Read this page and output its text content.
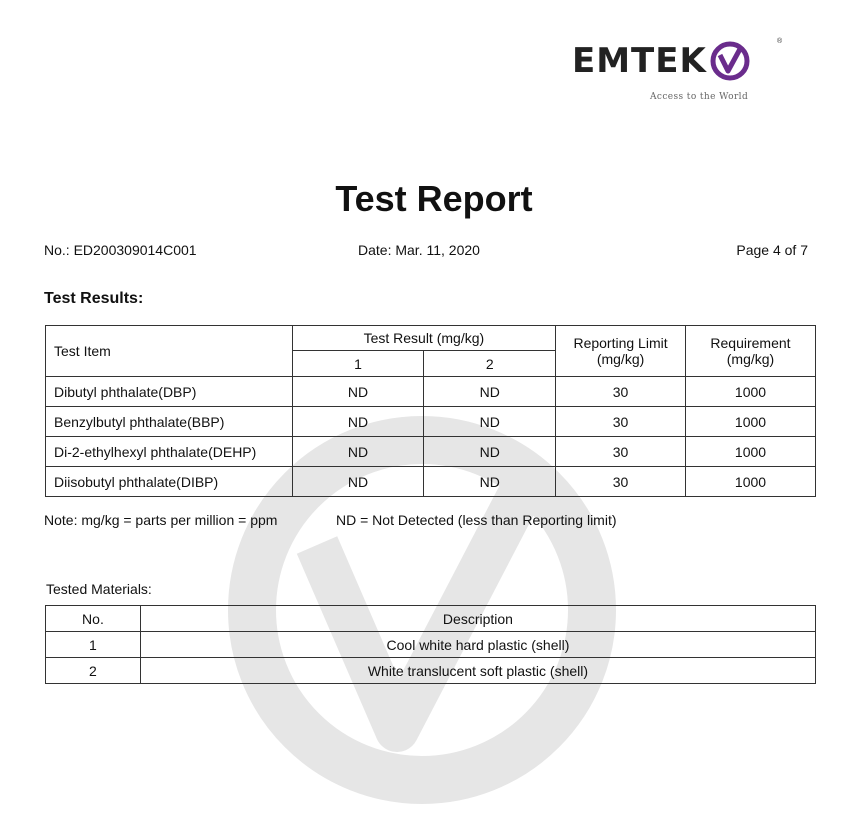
EMTEK	®
Access to the World
Test Report
No.: ED200309014C001	Date: Mar. 11, 2020	Page 4 of 7
Test Results:
Test Item	Test Result (mg/kg)		Reporting Limit (mg/kg)	Requirement (mg/kg)
	1	2		
Dibutyl phthalate(DBP)	ND	ND	30	1000
Benzylbutyl phthalate(BBP)	ND	ND	30	1000
Di-2-ethylhexyl phthalate(DEHP)	ND	ND	30	1000
Diisobutyl phthalate(DIBP)	ND	ND	30	1000
Note: mg/kg = parts per million = ppm	ND = Not Detected (less than Reporting limit)
Tested Materials:
No.	Description
1	Cool white hard plastic (shell)
2	White translucent soft plastic (shell)
